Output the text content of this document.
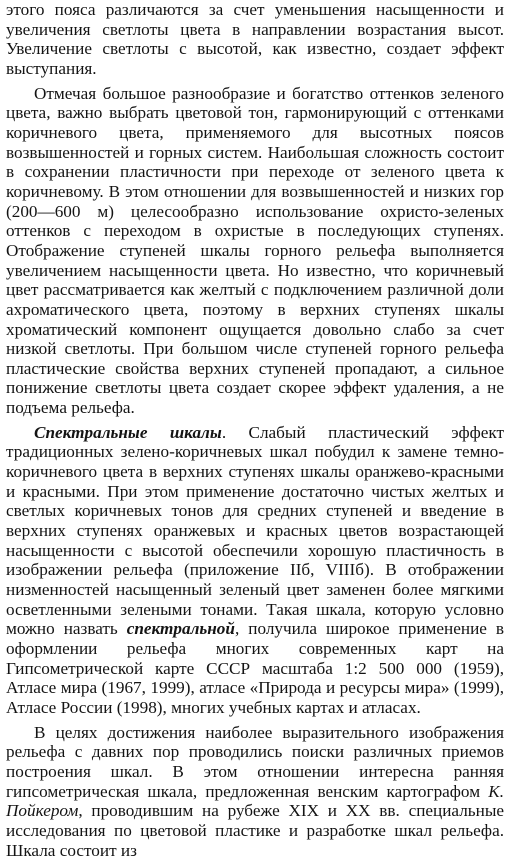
этого пояса различаются за счет уменьшения насыщенности и увеличения светлоты цвета в направлении возрастания высот. Увеличение светлоты с высотой, как известно, создает эффект выступания.

Отмечая большое разнообразие и богатство оттенков зеленого цвета, важно выбрать цветовой тон, гармонирующий с оттенками коричневого цвета, применяемого для высотных поясов возвышенностей и горных систем. Наибольшая сложность состоит в сохранении пластичности при переходе от зеленого цвета к коричневому. В этом отношении для возвышенностей и низких гор (200—600 м) целесообразно использование охристо-зеленых оттенков с переходом в охристые в последующих ступенях. Отображение ступеней шкалы горного рельефа выполняется увеличением насыщенности цвета. Но известно, что коричневый цвет рассматривается как желтый с подключением различной доли ахроматического цвета, поэтому в верхних ступенях шкалы хроматический компонент ощущается довольно слабо за счет низкой светлоты. При большом числе ступеней горного рельефа пластические свойства верхних ступеней пропадают, а сильное понижение светлоты цвета создает скорее эффект удаления, а не подъема рельефа.

Спектральные шкалы. Слабый пластический эффект традиционных зелено-коричневых шкал побудил к замене темно-коричневого цвета в верхних ступенях шкалы оранжево-красными и красными. При этом применение достаточно чистых желтых и светлых коричневых тонов для средних ступеней и введение в верхних ступенях оранжевых и красных цветов возрастающей насыщенности с высотой обеспечили хорошую пластичность в изображении рельефа (приложение IIб, VIIIб). В отображении низменностей насыщенный зеленый цвет заменен более мягкими осветленными зелеными тонами. Такая шкала, которую условно можно назвать спектральной, получила широкое применение в оформлении рельефа многих современных карт на Гипсометрической карте СССР масштаба 1:2 500 000 (1959), Атласе мира (1967, 1999), атласе «Природа и ресурсы мира» (1999), Атласе России (1998), многих учебных картах и атласах.

В целях достижения наиболее выразительного изображения рельефа с давних пор проводились поиски различных приемов построения шкал. В этом отношении интересна ранняя гипсометрическая шкала, предложенная венским картографом К. Пойкером, проводившим на рубеже XIX и XX вв. специальные исследования по цветовой пластике и разработке шкал рельефа. Шкала состоит из
